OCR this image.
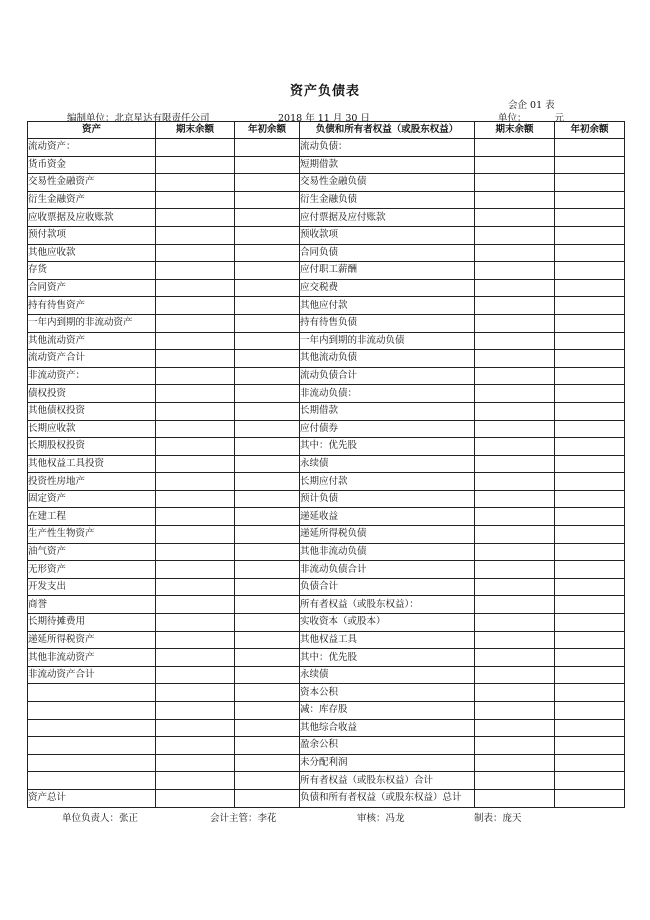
资产负债表
会企 01 表
编制单位：北京星达有限责任公司	2018 年 11 月 30 日	单位：	元
资产	期末余额	年初余额	负债和所有者权益（或股东权益）	期末余额	年初余额
流动资产：			流动负债：		
货币资金			短期借款		
交易性金融资产			交易性金融负债		
衍生金融资产			衍生金融负债		
应收票据及应收账款			应付票据及应付账款		
预付款项			预收款项		
其他应收款			合同负债		
存货			应付职工薪酬		
合同资产			应交税费		
持有待售资产			其他应付款		
一年内到期的非流动资产			持有待售负债		
其他流动资产			一年内到期的非流动负债		
流动资产合计			其他流动负债		
非流动资产：			流动负债合计		
债权投资			非流动负债：		
其他债权投资			长期借款		
长期应收款			应付债券		
长期股权投资			其中：优先股		
其他权益工具投资			永续债		
投资性房地产			长期应付款		
固定资产			预计负债		
在建工程			递延收益		
生产性生物资产			递延所得税负债		
油气资产			其他非流动负债		
无形资产			非流动负债合计		
开发支出			负债合计		
商誉			所有者权益（或股东权益）：		
长期待摊费用			实收资本（或股本）		
递延所得税资产			其他权益工具		
其他非流动资产			其中：优先股		
非流动资产合计			永续债		
			资本公积		
			减：库存股		
			其他综合收益		
			盈余公积		
			未分配利润		
			所有者权益（或股东权益）合计		
资产总计			负债和所有者权益（或股东权益）总计		
单位负责人：张正	会计主管：李花	审核：冯龙	制表：庞天
